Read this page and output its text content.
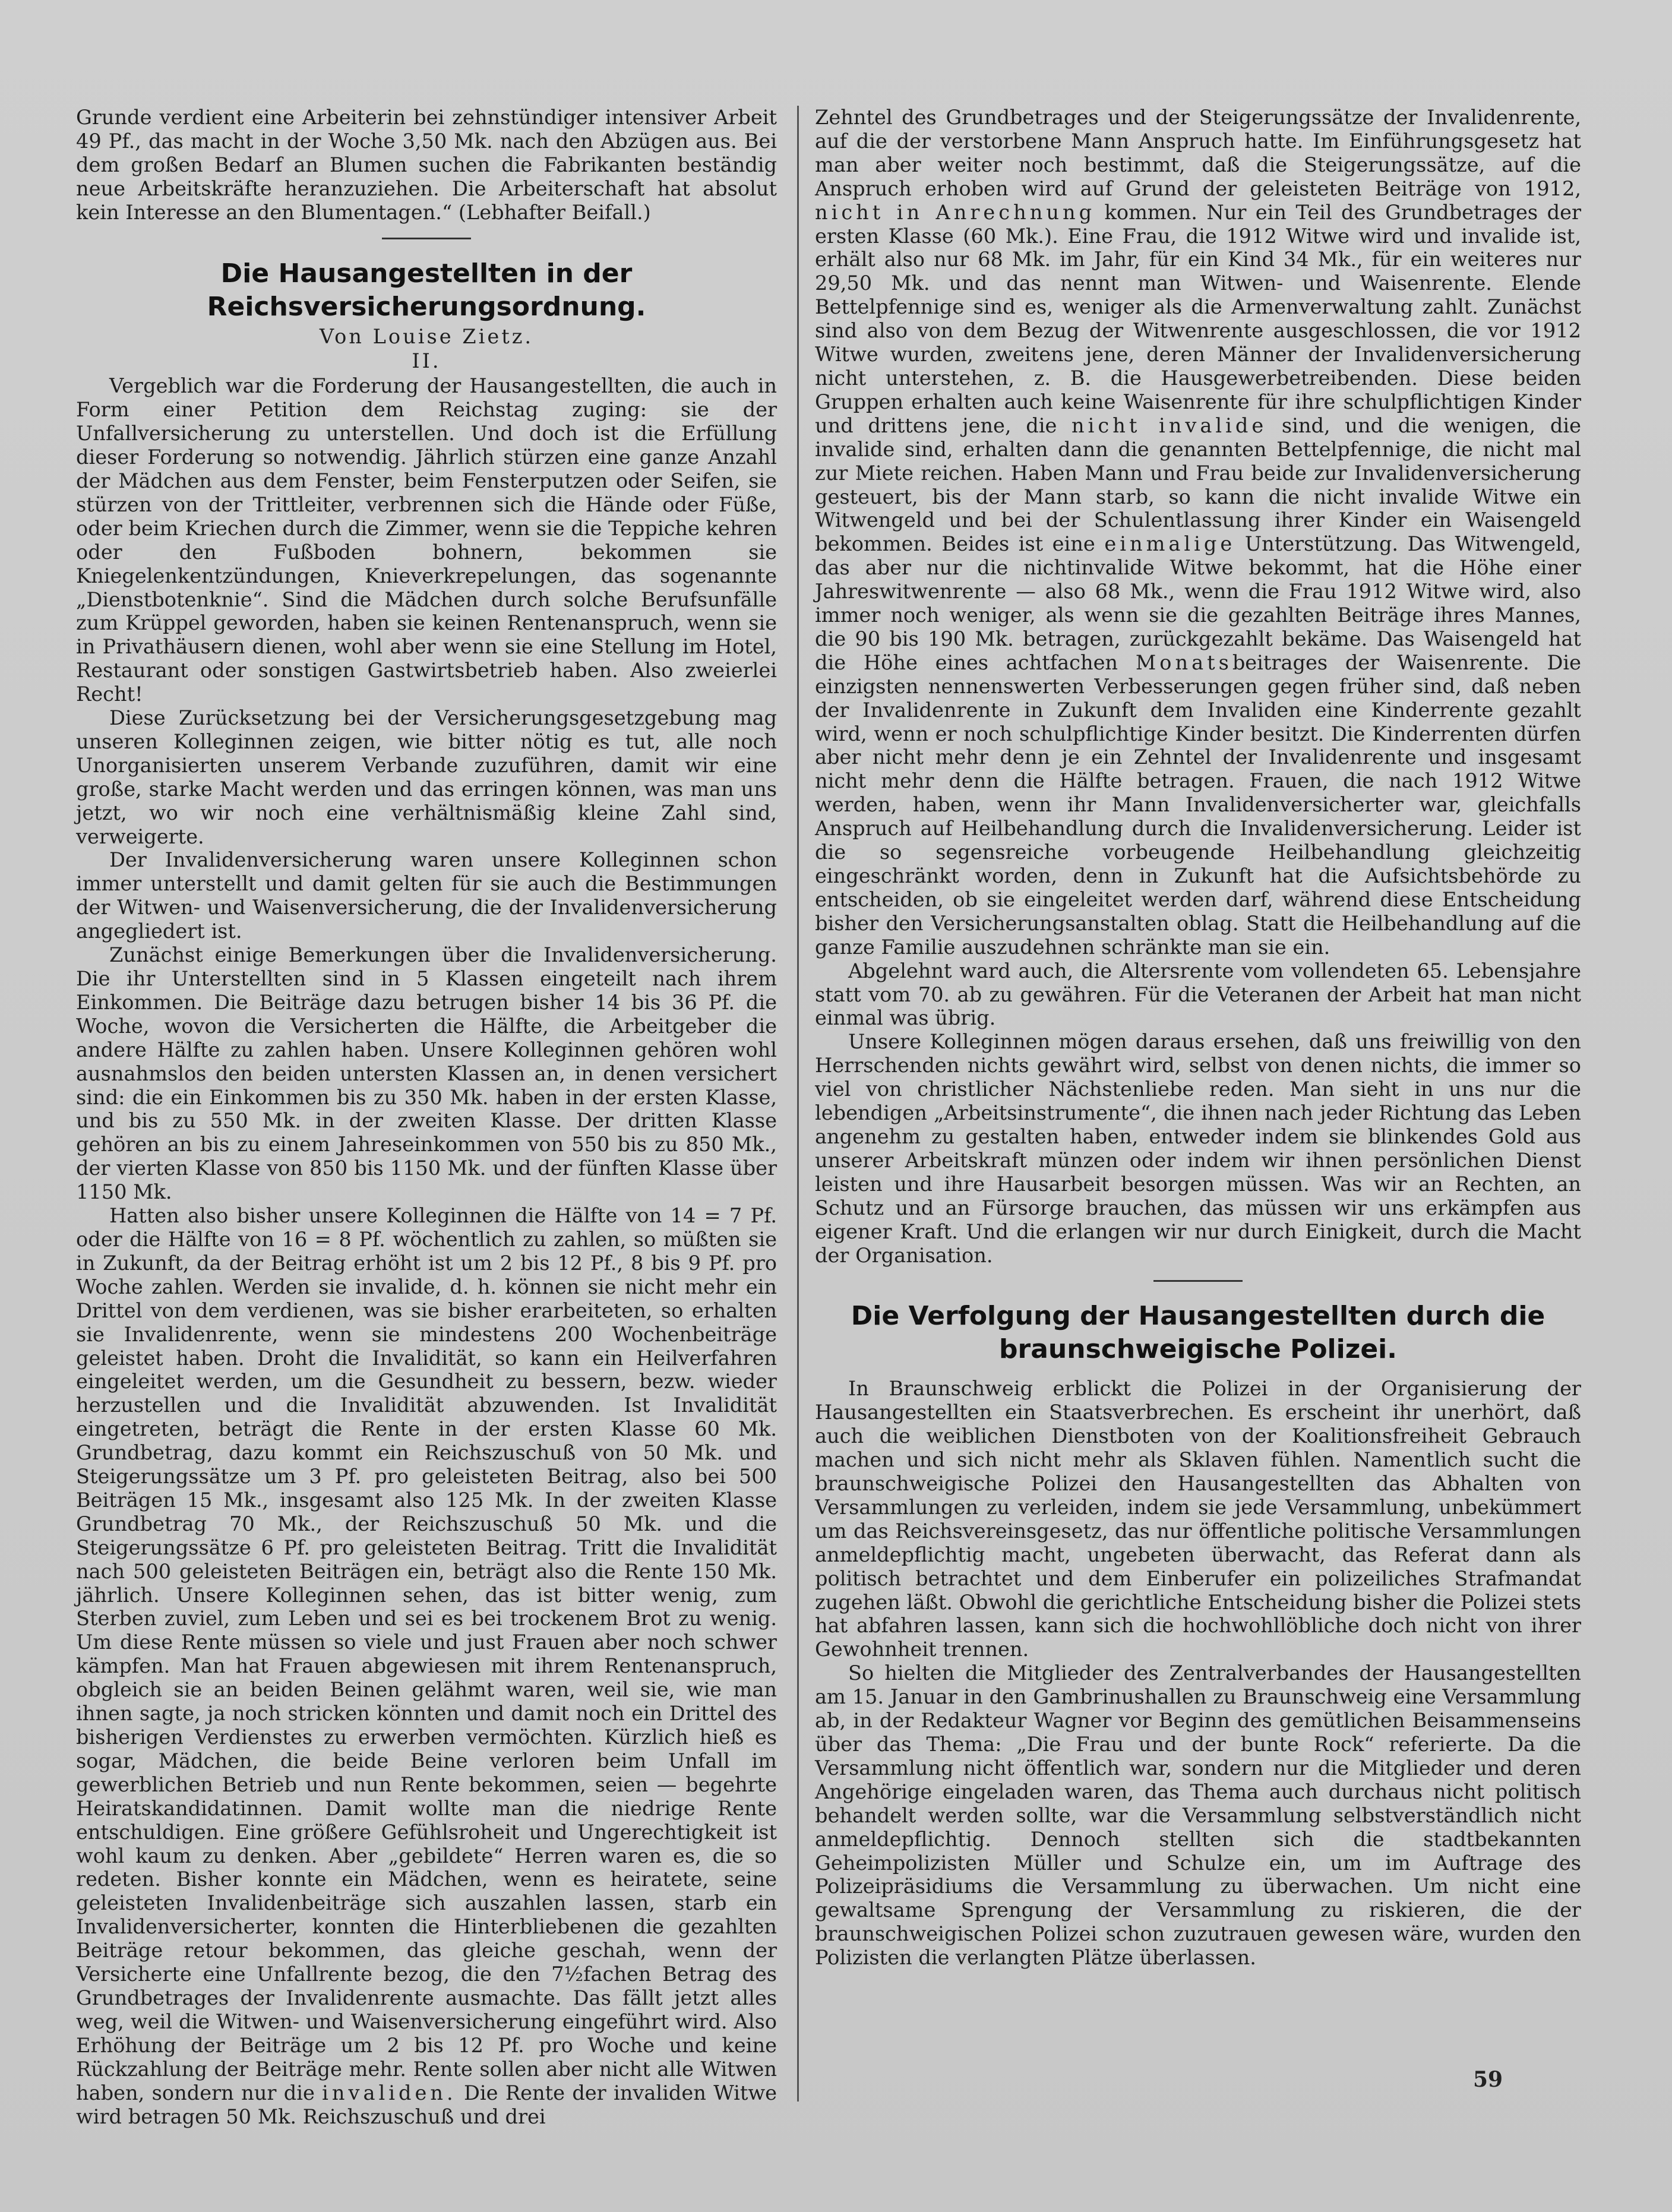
Grunde verdient eine Arbeiterin bei zehnstündiger intensiver Arbeit 49 Pf., das macht in der Woche 3,50 Mk. nach den Abzügen aus. Bei dem großen Bedarf an Blumen suchen die Fabrikanten beständig neue Arbeitskräfte heranzuziehen. Die Arbeiterschaft hat absolut kein Interesse an den Blumentagen.“ (Lebhafter Beifall.)

Die Hausangestellten in der Reichsversicherungsordnung.

Von Louise Zietz.

II.

Vergeblich war die Forderung der Hausangestellten, die auch in Form einer Petition dem Reichstag zuging: sie der Unfallversicherung zu unterstellen. Und doch ist die Erfüllung dieser Forderung so notwendig. Jährlich stürzen eine ganze Anzahl der Mädchen aus dem Fenster, beim Fensterputzen oder Seifen, sie stürzen von der Trittleiter, verbrennen sich die Hände oder Füße, oder beim Kriechen durch die Zimmer, wenn sie die Teppiche kehren oder den Fußboden bohnern, bekommen sie Kniegelenkentzündungen, Knieverkrepelungen, das sogenannte „Dienstbotenknie“. Sind die Mädchen durch solche Berufsunfälle zum Krüppel geworden, haben sie keinen Rentenanspruch, wenn sie in Privathäusern dienen, wohl aber wenn sie eine Stellung im Hotel, Restaurant oder sonstigen Gastwirtsbetrieb haben. Also zweierlei Recht!

Diese Zurücksetzung bei der Versicherungsgesetzgebung mag unseren Kolleginnen zeigen, wie bitter nötig es tut, alle noch Unorganisierten unserem Verbande zuzuführen, damit wir eine große, starke Macht werden und das erringen können, was man uns jetzt, wo wir noch eine verhältnismäßig kleine Zahl sind, verweigerte.

Der Invalidenversicherung waren unsere Kolleginnen schon immer unterstellt und damit gelten für sie auch die Bestimmungen der Witwen- und Waisenversicherung, die der Invalidenversicherung angegliedert ist.

Zunächst einige Bemerkungen über die Invalidenversicherung. Die ihr Unterstellten sind in 5 Klassen eingeteilt nach ihrem Einkommen. Die Beiträge dazu betrugen bisher 14 bis 36 Pf. die Woche, wovon die Versicherten die Hälfte, die Arbeitgeber die andere Hälfte zu zahlen haben. Unsere Kolleginnen gehören wohl ausnahmslos den beiden untersten Klassen an, in denen versichert sind: die ein Einkommen bis zu 350 Mk. haben in der ersten Klasse, und bis zu 550 Mk. in der zweiten Klasse. Der dritten Klasse gehören an bis zu einem Jahreseinkommen von 550 bis zu 850 Mk., der vierten Klasse von 850 bis 1150 Mk. und der fünften Klasse über 1150 Mk.

Hatten also bisher unsere Kolleginnen die Hälfte von 14 = 7 Pf. oder die Hälfte von 16 = 8 Pf. wöchentlich zu zahlen, so müßten sie in Zukunft, da der Beitrag erhöht ist um 2 bis 12 Pf., 8 bis 9 Pf. pro Woche zahlen. Werden sie invalide, d. h. können sie nicht mehr ein Drittel von dem verdienen, was sie bisher erarbeiteten, so erhalten sie Invalidenrente, wenn sie mindestens 200 Wochenbeiträge geleistet haben. Droht die Invalidität, so kann ein Heilverfahren eingeleitet werden, um die Gesundheit zu bessern, bezw. wieder herzustellen und die Invalidität abzuwenden. Ist Invalidität eingetreten, beträgt die Rente in der ersten Klasse 60 Mk. Grundbetrag, dazu kommt ein Reichszuschuß von 50 Mk. und Steigerungssätze um 3 Pf. pro geleisteten Beitrag, also bei 500 Beiträgen 15 Mk., insgesamt also 125 Mk. In der zweiten Klasse Grundbetrag 70 Mk., der Reichszuschuß 50 Mk. und die Steigerungssätze 6 Pf. pro geleisteten Beitrag. Tritt die Invalidität nach 500 geleisteten Beiträgen ein, beträgt also die Rente 150 Mk. jährlich. Unsere Kolleginnen sehen, das ist bitter wenig, zum Sterben zuviel, zum Leben und sei es bei trockenem Brot zu wenig. Um diese Rente müssen so viele und just Frauen aber noch schwer kämpfen. Man hat Frauen abgewiesen mit ihrem Rentenanspruch, obgleich sie an beiden Beinen gelähmt waren, weil sie, wie man ihnen sagte, ja noch stricken könnten und damit noch ein Drittel des bisherigen Verdienstes zu erwerben vermöchten. Kürzlich hieß es sogar, Mädchen, die beide Beine verloren beim Unfall im gewerblichen Betrieb und nun Rente bekommen, seien — begehrte Heiratskandidatinnen. Damit wollte man die niedrige Rente entschuldigen. Eine größere Gefühlsroheit und Ungerechtigkeit ist wohl kaum zu denken. Aber „gebildete“ Herren waren es, die so redeten. Bisher konnte ein Mädchen, wenn es heiratete, seine geleisteten Invalidenbeiträge sich auszahlen lassen, starb ein Invalidenversicherter, konnten die Hinterbliebenen die gezahlten Beiträge retour bekommen, das gleiche geschah, wenn der Versicherte eine Unfallrente bezog, die den 7½fachen Betrag des Grundbetrages der Invalidenrente ausmachte. Das fällt jetzt alles weg, weil die Witwen- und Waisenversicherung eingeführt wird. Also Erhöhung der Beiträge um 2 bis 12 Pf. pro Woche und keine Rückzahlung der Beiträge mehr. Rente sollen aber nicht alle Witwen haben, sondern nur die invaliden. Die Rente der invaliden Witwe wird betragen 50 Mk. Reichszuschuß und drei

Zehntel des Grundbetrages und der Steigerungssätze der Invalidenrente, auf die der verstorbene Mann Anspruch hatte. Im Einführungsgesetz hat man aber weiter noch bestimmt, daß die Steigerungssätze, auf die Anspruch erhoben wird auf Grund der geleisteten Beiträge von 1912, nicht in Anrechnung kommen. Nur ein Teil des Grundbetrages der ersten Klasse (60 Mk.). Eine Frau, die 1912 Witwe wird und invalide ist, erhält also nur 68 Mk. im Jahr, für ein Kind 34 Mk., für ein weiteres nur 29,50 Mk. und das nennt man Witwen- und Waisenrente. Elende Bettelpfennige sind es, weniger als die Armenverwaltung zahlt. Zunächst sind also von dem Bezug der Witwenrente ausgeschlossen, die vor 1912 Witwe wurden, zweitens jene, deren Männer der Invalidenversicherung nicht unterstehen, z. B. die Hausgewerbetreibenden. Diese beiden Gruppen erhalten auch keine Waisenrente für ihre schulpflichtigen Kinder und drittens jene, die nicht invalide sind, und die wenigen, die invalide sind, erhalten dann die genannten Bettelpfennige, die nicht mal zur Miete reichen. Haben Mann und Frau beide zur Invalidenversicherung gesteuert, bis der Mann starb, so kann die nicht invalide Witwe ein Witwengeld und bei der Schulentlassung ihrer Kinder ein Waisengeld bekommen. Beides ist eine einmalige Unterstützung. Das Witwengeld, das aber nur die nichtinvalide Witwe bekommt, hat die Höhe einer Jahreswitwenrente — also 68 Mk., wenn die Frau 1912 Witwe wird, also immer noch weniger, als wenn sie die gezahlten Beiträge ihres Mannes, die 90 bis 190 Mk. betragen, zurückgezahlt bekäme. Das Waisengeld hat die Höhe eines achtfachen Monatsbeitrages der Waisenrente. Die einzigsten nennenswerten Verbesserungen gegen früher sind, daß neben der Invalidenrente in Zukunft dem Invaliden eine Kinderrente gezahlt wird, wenn er noch schulpflichtige Kinder besitzt. Die Kinderrenten dürfen aber nicht mehr denn je ein Zehntel der Invalidenrente und insgesamt nicht mehr denn die Hälfte betragen. Frauen, die nach 1912 Witwe werden, haben, wenn ihr Mann Invalidenversicherter war, gleichfalls Anspruch auf Heilbehandlung durch die Invalidenversicherung. Leider ist die so segensreiche vorbeugende Heilbehandlung gleichzeitig eingeschränkt worden, denn in Zukunft hat die Aufsichtsbehörde zu entscheiden, ob sie eingeleitet werden darf, während diese Entscheidung bisher den Versicherungsanstalten oblag. Statt die Heilbehandlung auf die ganze Familie auszudehnen schränkte man sie ein.

Abgelehnt ward auch, die Altersrente vom vollendeten 65. Lebensjahre statt vom 70. ab zu gewähren. Für die Veteranen der Arbeit hat man nicht einmal was übrig.

Unsere Kolleginnen mögen daraus ersehen, daß uns freiwillig von den Herrschenden nichts gewährt wird, selbst von denen nichts, die immer so viel von christlicher Nächstenliebe reden. Man sieht in uns nur die lebendigen „Arbeitsinstrumente“, die ihnen nach jeder Richtung das Leben angenehm zu gestalten haben, entweder indem sie blinkendes Gold aus unserer Arbeitskraft münzen oder indem wir ihnen persönlichen Dienst leisten und ihre Hausarbeit besorgen müssen. Was wir an Rechten, an Schutz und an Fürsorge brauchen, das müssen wir uns erkämpfen aus eigener Kraft. Und die erlangen wir nur durch Einigkeit, durch die Macht der Organisation.

Die Verfolgung der Hausangestellten durch die braunschweigische Polizei.

In Braunschweig erblickt die Polizei in der Organisierung der Hausangestellten ein Staatsverbrechen. Es erscheint ihr unerhört, daß auch die weiblichen Dienstboten von der Koalitionsfreiheit Gebrauch machen und sich nicht mehr als Sklaven fühlen. Namentlich sucht die braunschweigische Polizei den Hausangestellten das Abhalten von Versammlungen zu verleiden, indem sie jede Versammlung, unbekümmert um das Reichsvereinsgesetz, das nur öffentliche politische Versammlungen anmeldepflichtig macht, ungebeten überwacht, das Referat dann als politisch betrachtet und dem Einberufer ein polizeiliches Strafmandat zugehen läßt. Obwohl die gerichtliche Entscheidung bisher die Polizei stets hat abfahren lassen, kann sich die hochwohllöbliche doch nicht von ihrer Gewohnheit trennen.

So hielten die Mitglieder des Zentralverbandes der Hausangestellten am 15. Januar in den Gambrinushallen zu Braunschweig eine Versammlung ab, in der Redakteur Wagner vor Beginn des gemütlichen Beisammenseins über das Thema: „Die Frau und der bunte Rock“ referierte. Da die Versammlung nicht öffentlich war, sondern nur die Mitglieder und deren Angehörige eingeladen waren, das Thema auch durchaus nicht politisch behandelt werden sollte, war die Versammlung selbstverständlich nicht anmeldepflichtig. Dennoch stellten sich die stadtbekannten Geheimpolizisten Müller und Schulze ein, um im Auftrage des Polizeipräsidiums die Versammlung zu überwachen. Um nicht eine gewaltsame Sprengung der Versammlung zu riskieren, die der braunschweigischen Polizei schon zuzutrauen gewesen wäre, wurden den Polizisten die verlangten Plätze überlassen.

59
